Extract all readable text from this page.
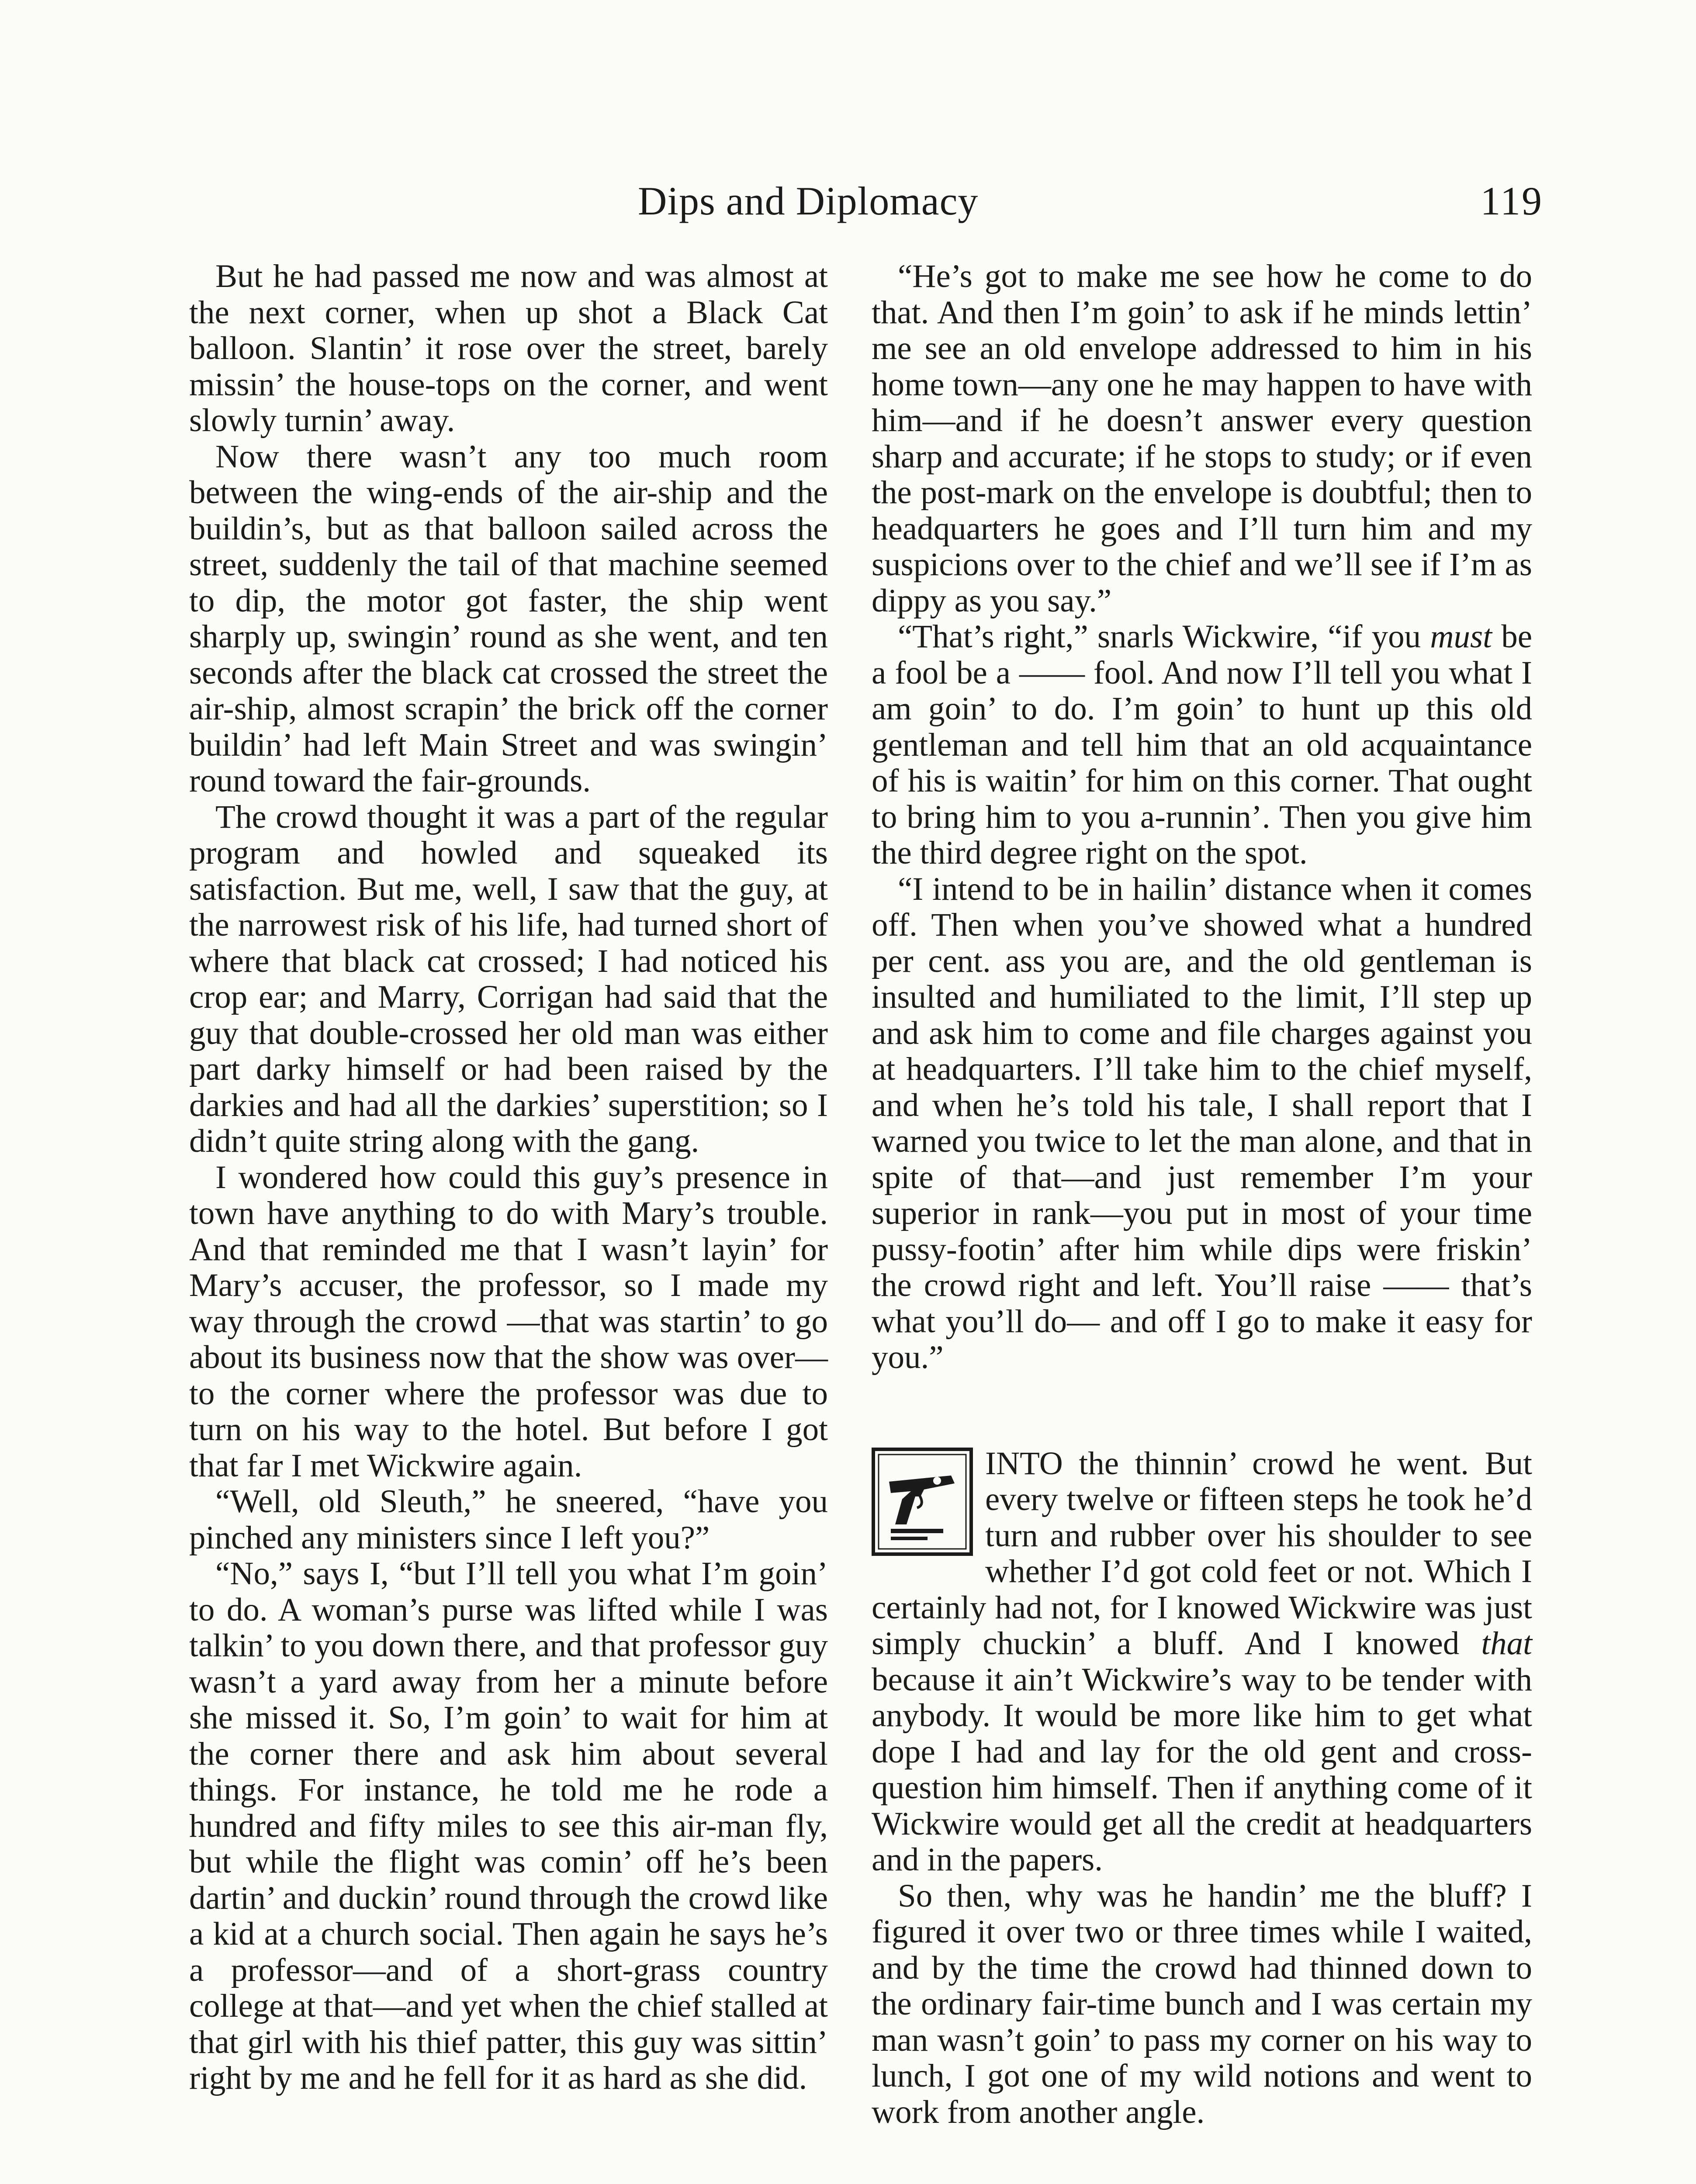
Dips and Diplomacy	119

But he had passed me now and was almost at the next corner, when up shot a Black Cat balloon. Slantin’ it rose over the street, barely missin’ the house-tops on the corner, and went slowly turnin’ away.

Now there wasn’t any too much room between the wing-ends of the air-ship and the buildin’s, but as that balloon sailed across the street, suddenly the tail of that machine seemed to dip, the motor got faster, the ship went sharply up, swingin’ round as she went, and ten seconds after the black cat crossed the street the air-ship, almost scrapin’ the brick off the corner buildin’ had left Main Street and was swingin’ round toward the fair-grounds.

The crowd thought it was a part of the regular program and howled and squeaked its satisfaction. But me, well, I saw that the guy, at the narrowest risk of his life, had turned short of where that black cat crossed; I had noticed his crop ear; and Marry, Corrigan had said that the guy that double-crossed her old man was either part darky himself or had been raised by the darkies and had all the darkies’ superstition; so I didn’t quite string along with the gang.

I wondered how could this guy’s presence in town have anything to do with Mary’s trouble. And that reminded me that I wasn’t layin’ for Mary’s accuser, the professor, so I made my way through the crowd —that was startin’ to go about its business now that the show was over—to the corner where the professor was due to turn on his way to the hotel. But before I got that far I met Wickwire again.

“Well, old Sleuth,” he sneered, “have you pinched any ministers since I left you?”

“No,” says I, “but I’ll tell you what I’m goin’ to do. A woman’s purse was lifted while I was talkin’ to you down there, and that professor guy wasn’t a yard away from her a minute before she missed it. So, I’m goin’ to wait for him at the corner there and ask him about several things. For instance, he told me he rode a hundred and fifty miles to see this air-man fly, but while the flight was comin’ off he’s been dartin’ and duckin’ round through the crowd like a kid at a church social. Then again he says he’s a professor—and of a short-grass country college at that—and yet when the chief stalled at that girl with his thief patter, this guy was sittin’ right by me and he fell for it as hard as she did.

“He’s got to make me see how he come to do that. And then I’m goin’ to ask if he minds lettin’ me see an old envelope addressed to him in his home town—any one he may happen to have with him—and if he doesn’t answer every question sharp and accurate; if he stops to study; or if even the post-mark on the envelope is doubtful; then to headquarters he goes and I’ll turn him and my suspicions over to the chief and we’ll see if I’m as dippy as you say.”

“That’s right,” snarls Wickwire, “if you must be a fool be a —— fool. And now I’ll tell you what I am goin’ to do. I’m goin’ to hunt up this old gentleman and tell him that an old acquaintance of his is waitin’ for him on this corner. That ought to bring him to you a-runnin’. Then you give him the third degree right on the spot.

“I intend to be in hailin’ distance when it comes off. Then when you’ve showed what a hundred per cent. ass you are, and the old gentleman is insulted and humiliated to the limit, I’ll step up and ask him to come and file charges against you at headquarters. I’ll take him to the chief myself, and when he’s told his tale, I shall report that I warned you twice to let the man alone, and that in spite of that—and just remember I’m your superior in rank—you put in most of your time pussy-footin’ after him while dips were friskin’ the crowd right and left. You’ll raise —— that’s what you’ll do— and off I go to make it easy for you.”

INTO the thinnin’ crowd he went. But every twelve or fifteen steps he took he’d turn and rubber over his shoulder to see whether I’d got cold feet or not. Which I certainly had not, for I knowed Wickwire was just simply chuckin’ a bluff. And I knowed that because it ain’t Wickwire’s way to be tender with anybody. It would be more like him to get what dope I had and lay for the old gent and cross-question him himself. Then if anything come of it Wickwire would get all the credit at headquarters and in the papers.

So then, why was he handin’ me the bluff? I figured it over two or three times while I waited, and by the time the crowd had thinned down to the ordinary fair-time bunch and I was certain my man wasn’t goin’ to pass my corner on his way to lunch, I got one of my wild notions and went to work from another angle.
